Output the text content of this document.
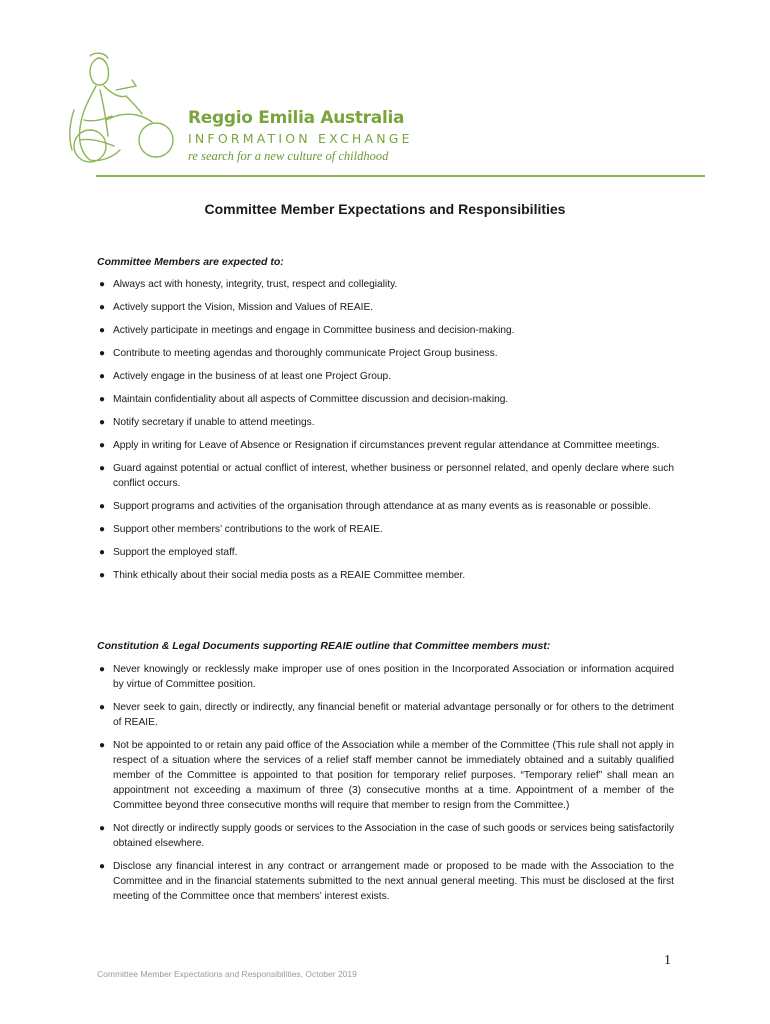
Reggio Emilia Australia
INFORMATION EXCHANGE
re search for a new culture of childhood
Committee Member Expectations and Responsibilities
Committee Members are expected to:
● Always act with honesty, integrity, trust, respect and collegiality.
● Actively support the Vision, Mission and Values of REAIE.
● Actively participate in meetings and engage in Committee business and decision-making.
● Contribute to meeting agendas and thoroughly communicate Project Group business.
● Actively engage in the business of at least one Project Group.
● Maintain confidentiality about all aspects of Committee discussion and decision-making.
● Notify secretary if unable to attend meetings.
● Apply in writing for Leave of Absence or Resignation if circumstances prevent regular attendance at Committee meetings.
● Guard against potential or actual conflict of interest, whether business or personnel related, and openly declare where such conflict occurs.
● Support programs and activities of the organisation through attendance at as many events as is reasonable or possible.
● Support other members’ contributions to the work of REAIE.
● Support the employed staff.
● Think ethically about their social media posts as a REAIE Committee member.
Constitution & Legal Documents supporting REAIE outline that Committee members must:
● Never knowingly or recklessly make improper use of ones position in the Incorporated Association or information acquired by virtue of Committee position.
● Never seek to gain, directly or indirectly, any financial benefit or material advantage personally or for others to the detriment of REAIE.
● Not be appointed to or retain any paid office of the Association while a member of the Committee (This rule shall not apply in respect of a situation where the services of a relief staff member cannot be immediately obtained and a suitably qualified member of the Committee is appointed to that position for temporary relief purposes. “Temporary relief” shall mean an appointment not exceeding a maximum of three (3) consecutive months at a time. Appointment of a member of the Committee beyond three consecutive months will require that member to resign from the Committee.)
● Not directly or indirectly supply goods or services to the Association in the case of such goods or services being satisfactorily obtained elsewhere.
● Disclose any financial interest in any contract or arrangement made or proposed to be made with the Association to the Committee and in the financial statements submitted to the next annual general meeting. This must be disclosed at the first meeting of the Committee once that members’ interest exists.
1
Committee Member Expectations and Responsibilities, October 2019
